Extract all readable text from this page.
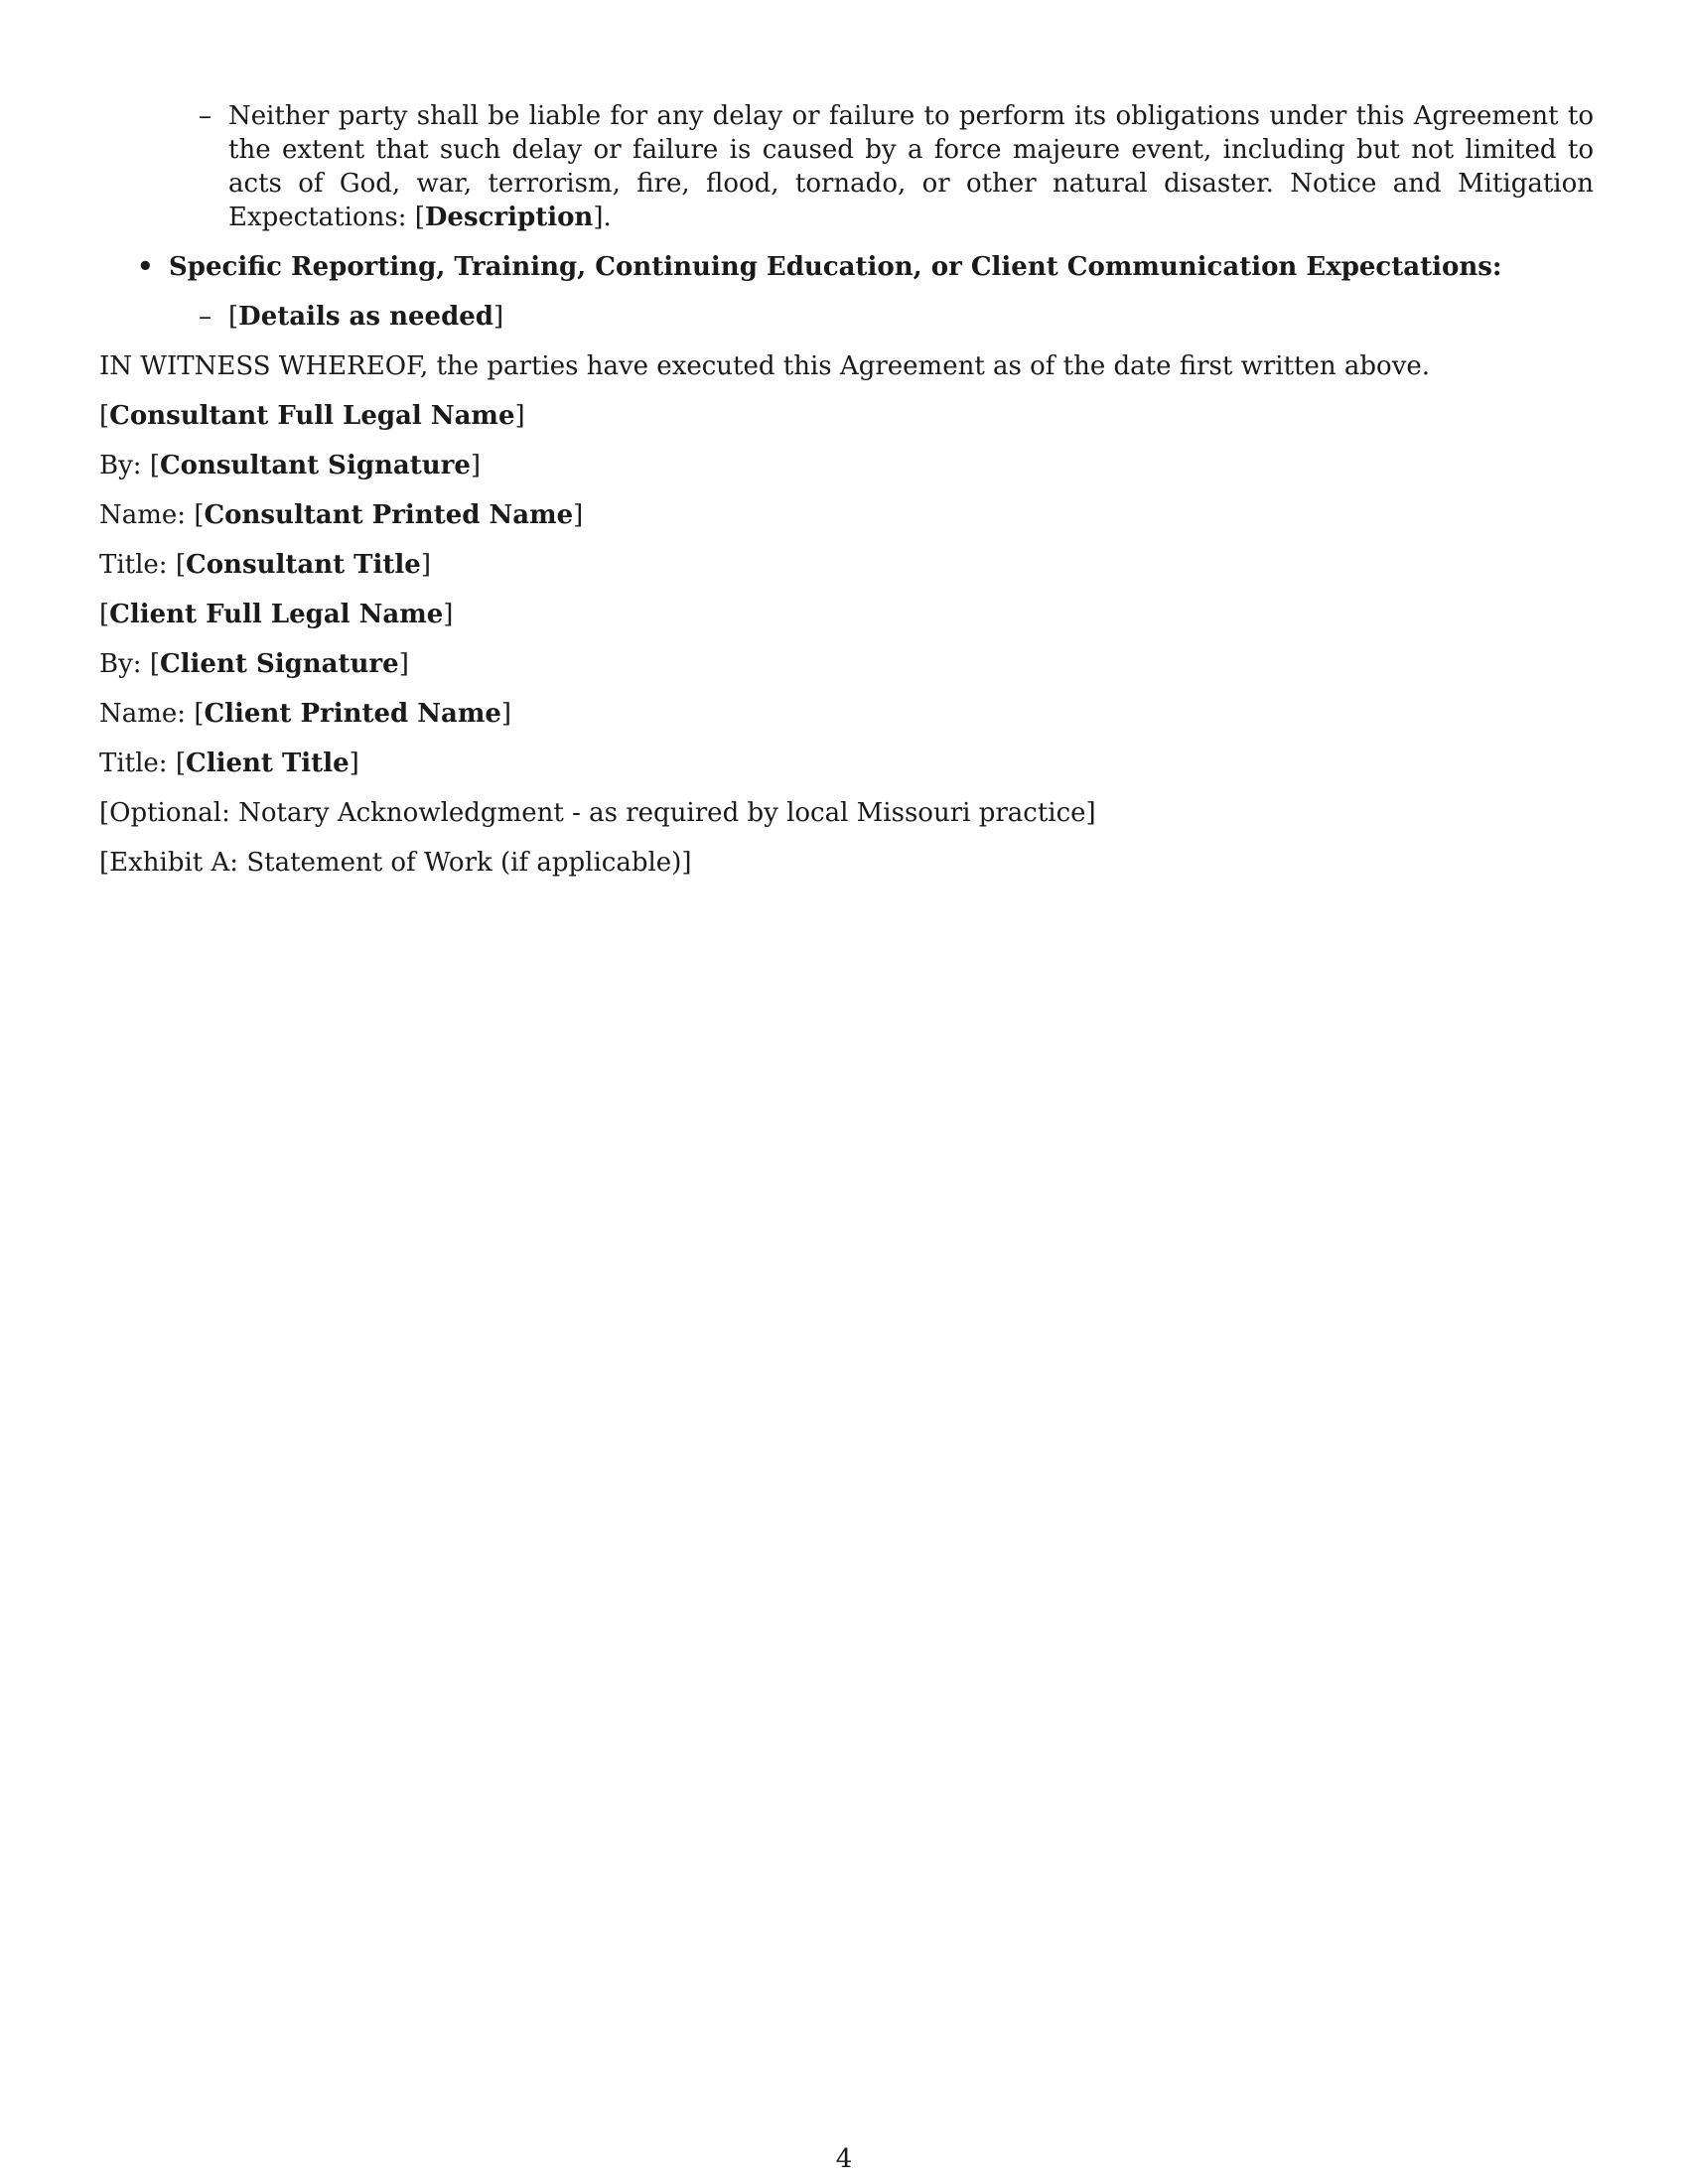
– Neither party shall be liable for any delay or failure to perform its obligations under this Agreement to the extent that such delay or failure is caused by a force majeure event, including but not limited to acts of God, war, terrorism, fire, flood, tornado, or other natural disaster. Notice and Mitigation Expectations: [Description].
• Specific Reporting, Training, Continuing Education, or Client Communication Expectations:
– [Details as needed]
IN WITNESS WHEREOF, the parties have executed this Agreement as of the date first written above.
[Consultant Full Legal Name]
By: [Consultant Signature]
Name: [Consultant Printed Name]
Title: [Consultant Title]
[Client Full Legal Name]
By: [Client Signature]
Name: [Client Printed Name]
Title: [Client Title]
[Optional: Notary Acknowledgment - as required by local Missouri practice]
[Exhibit A: Statement of Work (if applicable)]
4
